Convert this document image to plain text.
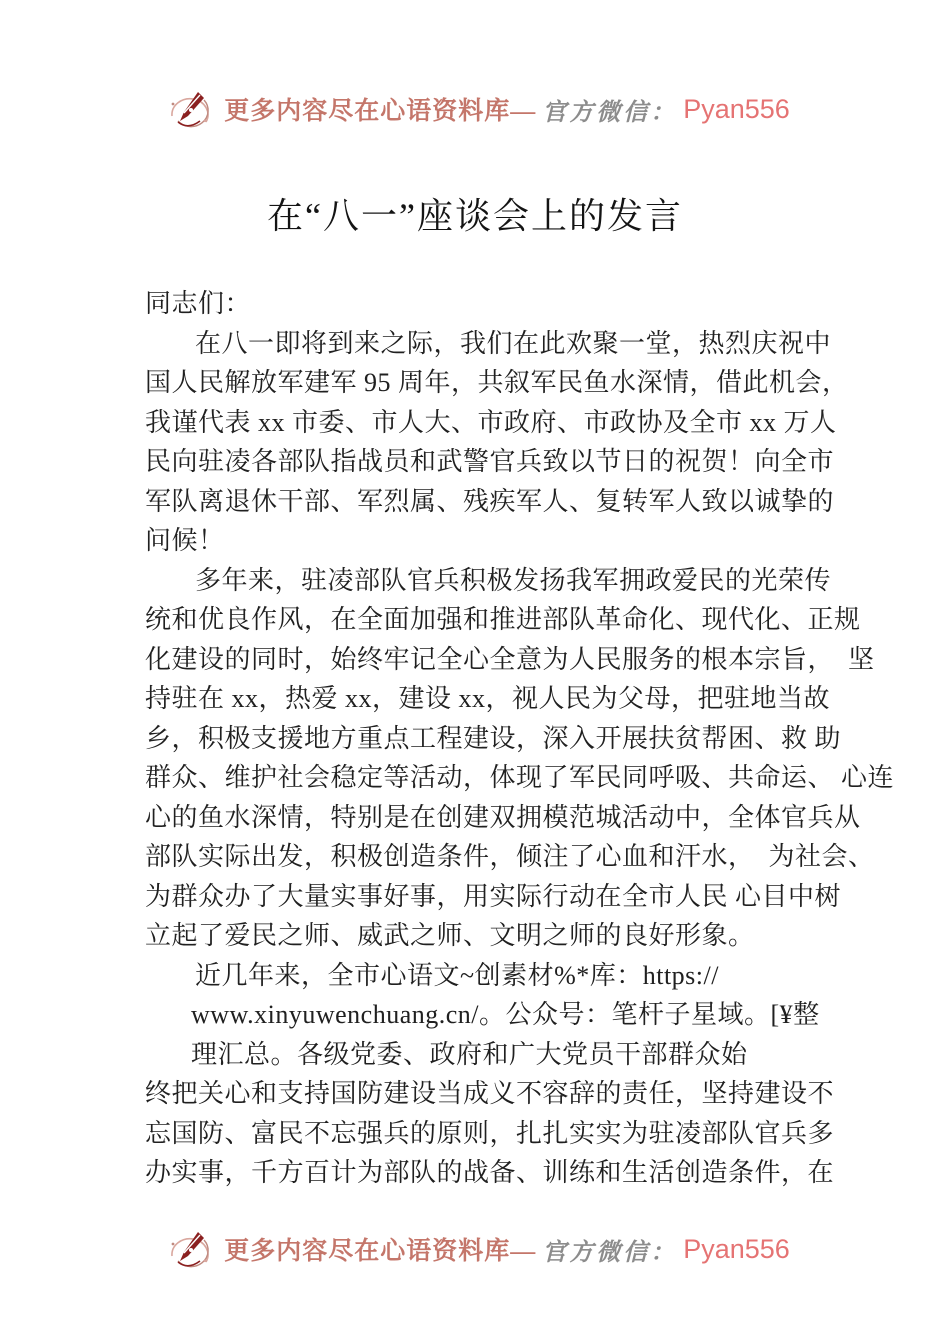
更多内容尽在心语资料库— 官方微信： Pyan556
在“八一”座谈会上的发言
同志们：
在八一即将到来之际，我们在此欢聚一堂，热烈庆祝中
国人民解放军建军 95 周年，共叙军民鱼水深情，借此机会，
我谨代表 xx 市委、市人大、市政府、市政协及全市 xx 万人
民向驻凌各部队指战员和武警官兵致以节日的祝贺！向全市
军队离退休干部、军烈属、残疾军人、复转军人致以诚挚的
问候！
多年来，驻凌部队官兵积极发扬我军拥政爱民的光荣传
统和优良作风，在全面加强和推进部队革命化、现代化、正规
化建设的同时，始终牢记全心全意为人民服务的根本宗旨，  坚
持驻在 xx，热爱 xx，建设 xx，视人民为父母，把驻地当故
乡，积极支援地方重点工程建设，深入开展扶贫帮困、救 助
群众、维护社会稳定等活动，体现了军民同呼吸、共命运、 心连
心的鱼水深情，特别是在创建双拥模范城活动中，全体官兵从
部队实际出发，积极创造条件，倾注了心血和汗水，  为社会、
为群众办了大量实事好事，用实际行动在全市人民 心目中树
立起了爱民之师、威武之师、文明之师的良好形象。
近几年来，全市心语文~创素材%*库：https://
www.xinyuwenchuang.cn/。公众号：笔杆子星域。[¥整
理汇总。各级党委、政府和广大党员干部群众始
终把关心和支持国防建设当成义不容辞的责任，坚持建设不
忘国防、富民不忘强兵的原则，扎扎实实为驻凌部队官兵多
办实事，千方百计为部队的战备、训练和生活创造条件，在
更多内容尽在心语资料库— 官方微信： Pyan556
